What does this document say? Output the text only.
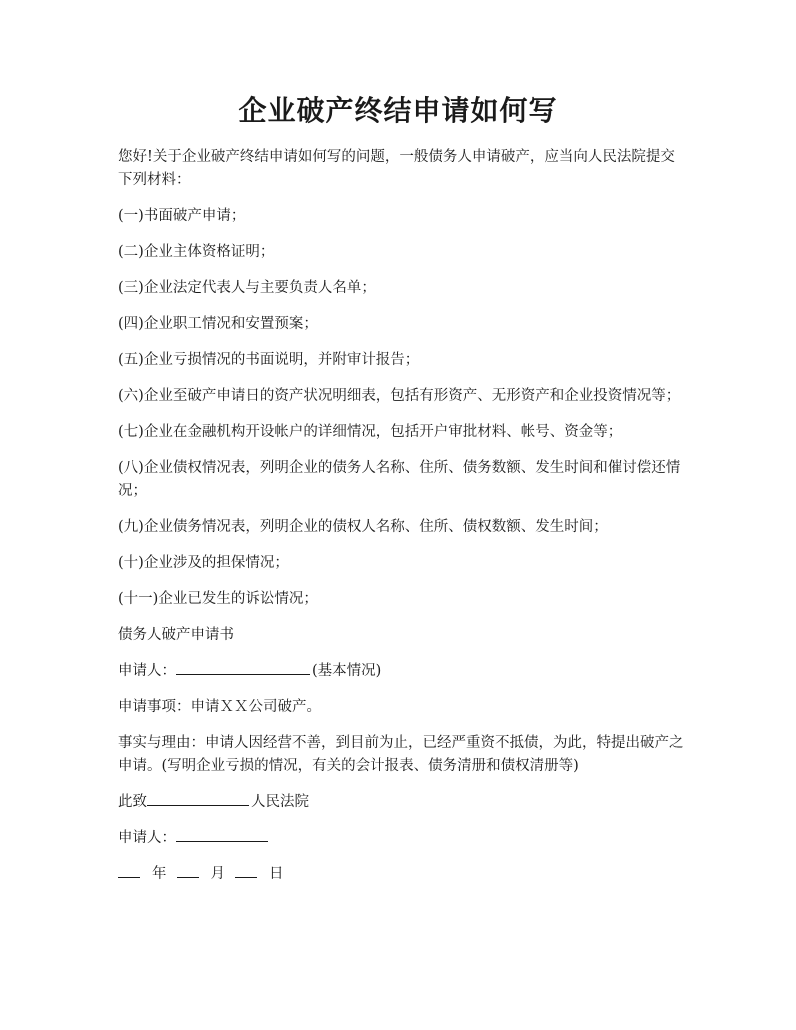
企业破产终结申请如何写

您好!关于企业破产终结申请如何写的问题，一般债务人申请破产，应当向人民法院提交下列材料：

(一)书面破产申请；

(二)企业主体资格证明；

(三)企业法定代表人与主要负责人名单；

(四)企业职工情况和安置预案；

(五)企业亏损情况的书面说明，并附审计报告；

(六)企业至破产申请日的资产状况明细表，包括有形资产、无形资产和企业投资情况等；

(七)企业在金融机构开设帐户的详细情况，包括开户审批材料、帐号、资金等；

(八)企业债权情况表，列明企业的债务人名称、住所、债务数额、发生时间和催讨偿还情况；

(九)企业债务情况表，列明企业的债权人名称、住所、债权数额、发生时间；

(十)企业涉及的担保情况；

(十一)企业已发生的诉讼情况；

债务人破产申请书

申请人：	(基本情况)

申请事项：申请ＸＸ公司破产。

事实与理由：申请人因经营不善，到目前为止，已经严重资不抵债，为此，特提出破产之申请。(写明企业亏损的情况，有关的会计报表、债务清册和债权清册等)

此致	人民法院

申请人：

年	月	日
